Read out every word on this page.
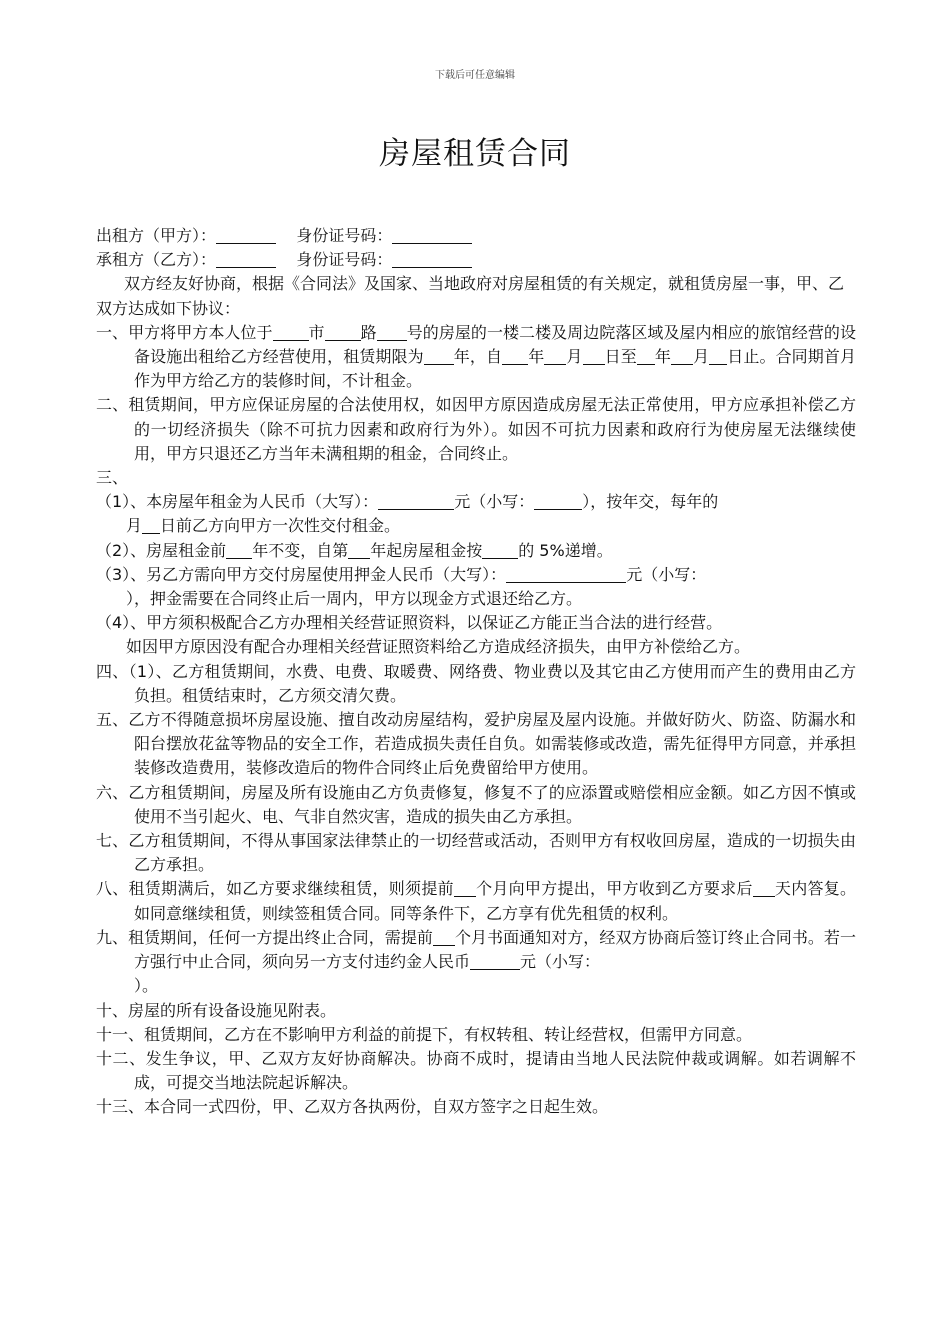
下载后可任意编辑
房屋租赁合同

出租方（甲方）：	身份证号码：

承租方（乙方）：	身份证号码：

双方经友好协商，根据《合同法》及国家、当地政府对房屋租赁的有关规定，就租赁房屋一事，甲、乙双方达成如下协议：

一、甲方将甲方本人位于 市 路 号的房屋的一楼二楼及周边院落区域及屋内相应的旅馆经营的设备设施出租给乙方经营使用，租赁期限为 年，自 年 月 日至 年 月 日止。合同期首月作为甲方给乙方的装修时间，不计租金。

二、租赁期间，甲方应保证房屋的合法使用权，如因甲方原因造成房屋无法正常使用，甲方应承担补偿乙方的一切经济损失（除不可抗力因素和政府行为外）。如因不可抗力因素和政府行为使房屋无法继续使用，甲方只退还乙方当年未满租期的租金，合同终止。

三、

（1）、本房屋年租金为人民币（大写）：	元（小写：	），按年交，每年的
月 日前乙方向甲方一次性交付租金。

（2）、房屋租金前 年不变，自第 年起房屋租金按 的 5%递增。

（3）、另乙方需向甲方交付房屋使用押金人民币（大写）：	元（小写：
），押金需要在合同终止后一周内，甲方以现金方式退还给乙方。

（4）、甲方须积极配合乙方办理相关经营证照资料，以保证乙方能正当合法的进行经营。

如因甲方原因没有配合办理相关经营证照资料给乙方造成经济损失，由甲方补偿给乙方。

四、（1）、乙方租赁期间，水费、电费、取暖费、网络费、物业费以及其它由乙方使用而产生的费用由乙方负担。租赁结束时，乙方须交清欠费。

五、乙方不得随意损坏房屋设施、擅自改动房屋结构，爱护房屋及屋内设施。并做好防火、防盗、防漏水和阳台摆放花盆等物品的安全工作，若造成损失责任自负。如需装修或改造，需先征得甲方同意，并承担装修改造费用，装修改造后的物件合同终止后免费留给甲方使用。

六、乙方租赁期间，房屋及所有设施由乙方负责修复，修复不了的应添置或赔偿相应金额。如乙方因不慎或使用不当引起火、电、气非自然灾害，造成的损失由乙方承担。

七、乙方租赁期间，不得从事国家法律禁止的一切经营或活动，否则甲方有权收回房屋，造成的一切损失由乙方承担。

八、租赁期满后，如乙方要求继续租赁，则须提前 个月向甲方提出，甲方收到乙方要求后 天内答复。如同意继续租赁，则续签租赁合同。同等条件下，乙方享有优先租赁的权利。

九、租赁期间，任何一方提出终止合同，需提前 个月书面通知对方，经双方协商后签订终止合同书。若一方强行中止合同，须向另一方支付违约金人民币	元（小写：
）。

十、房屋的所有设备设施见附表。

十一、租赁期间，乙方在不影响甲方利益的前提下，有权转租、转让经营权，但需甲方同意。

十二、发生争议，甲、乙双方友好协商解决。协商不成时，提请由当地人民法院仲裁或调解。如若调解不成，可提交当地法院起诉解决。

十三、本合同一式四份，甲、乙双方各执两份，自双方签字之日起生效。
